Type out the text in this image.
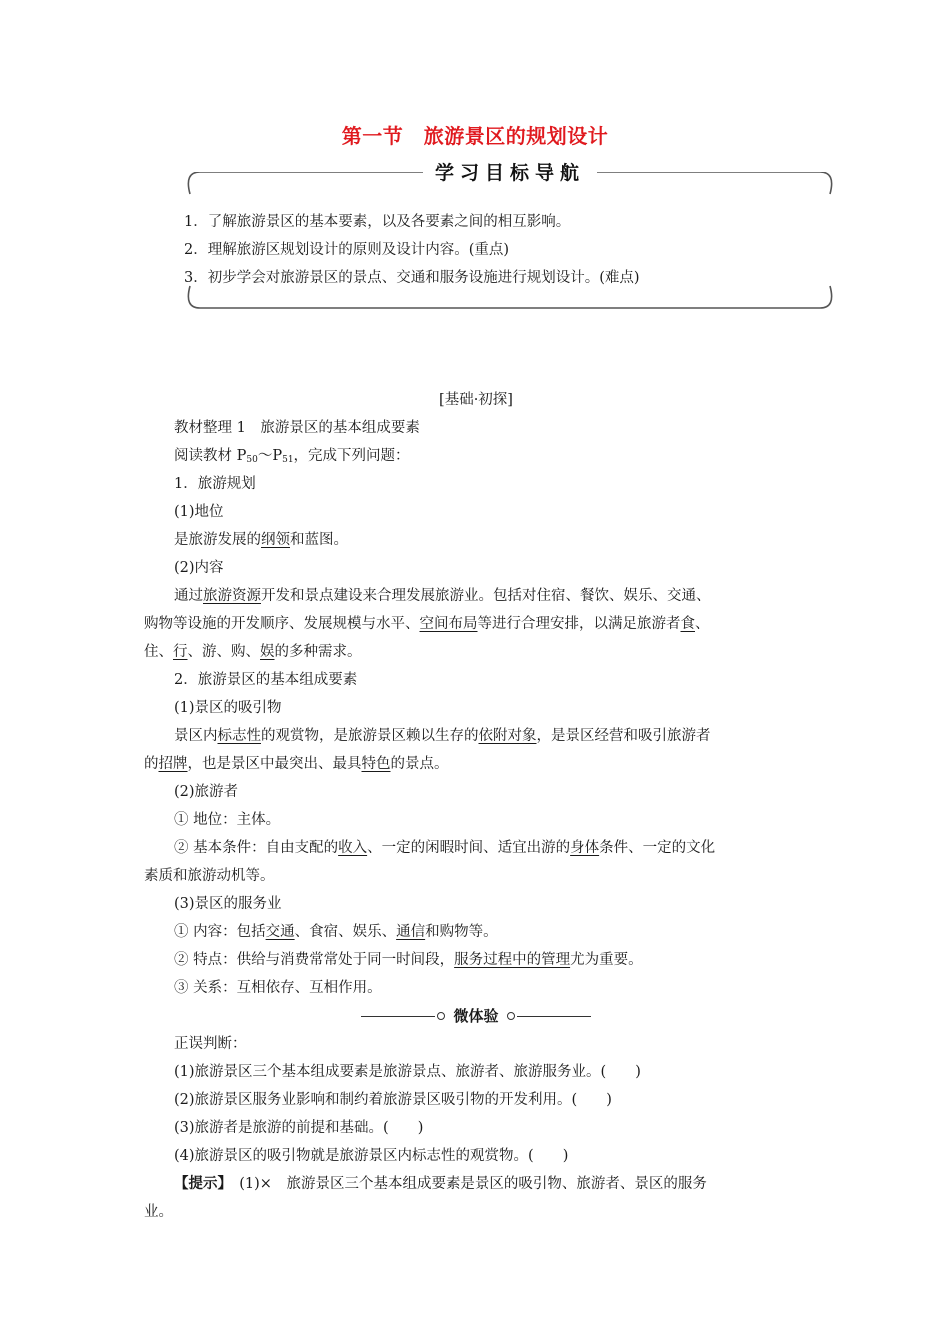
第一节　旅游景区的规划设计
学习目标导航
1．了解旅游景区的基本要素，以及各要素之间的相互影响。
2．理解旅游区规划设计的原则及设计内容。(重点)
3．初步学会对旅游景区的景点、交通和服务设施进行规划设计。(难点)
[基础·初探]
教材整理 1　旅游景区的基本组成要素
阅读教材 $P_{50}\sim P_{51}$，完成下列问题：
1．旅游规划
(1)地位
是旅游发展的纲领和蓝图。
(2)内容
通过旅游资源开发和景点建设来合理发展旅游业。包括对住宿、餐饮、娱乐、交通、
购物等设施的开发顺序、发展规模与水平、空间布局等进行合理安排，以满足旅游者食、
住、行、游、购、娱的多种需求。
2．旅游景区的基本组成要素
(1)景区的吸引物
景区内标志性的观赏物，是旅游景区赖以生存的依附对象，是景区经营和吸引旅游者
的招牌，也是景区中最突出、最具特色的景点。
(2)旅游者
① 地位：主体。
② 基本条件：自由支配的收入、一定的闲暇时间、适宜出游的身体条件、一定的文化
素质和旅游动机等。
(3)景区的服务业
① 内容：包括交通、食宿、娱乐、通信和购物等。
② 特点：供给与消费常常处于同一时间段，服务过程中的管理尤为重要。
③ 关系：互相依存、互相作用。
微体验
正误判断：
(1)旅游景区三个基本组成要素是旅游景点、旅游者、旅游服务业。(　　)
(2)旅游景区服务业影响和制约着旅游景区吸引物的开发利用。(　　)
(3)旅游者是旅游的前提和基础。(　　)
(4)旅游景区的吸引物就是旅游景区内标志性的观赏物。(　　)
【提示】　(1)×　旅游景区三个基本组成要素是景区的吸引物、旅游者、景区的服务
业。
